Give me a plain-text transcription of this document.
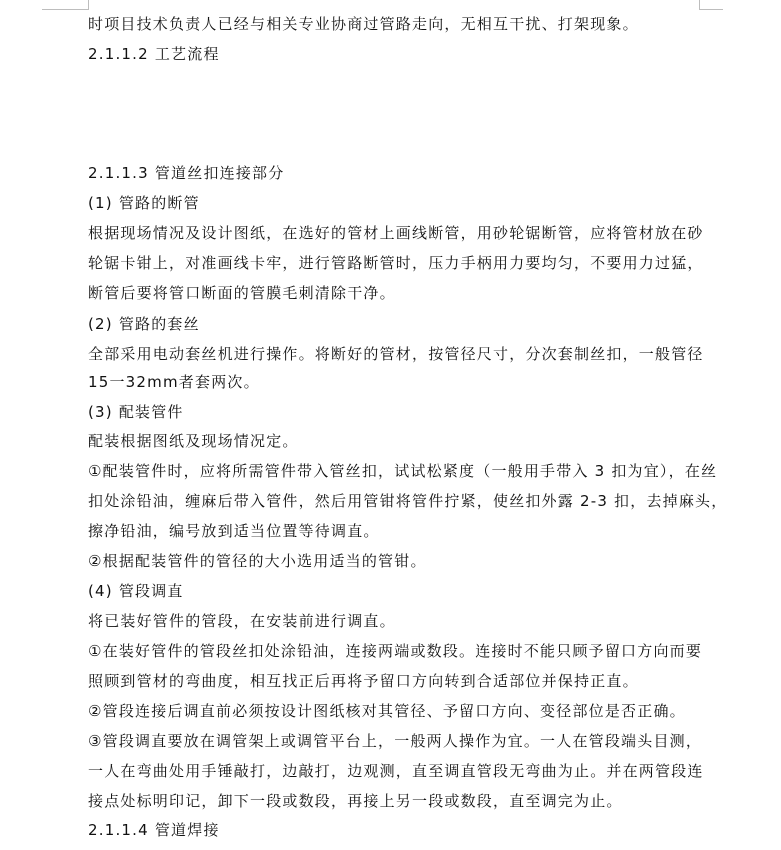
时项目技术负责人已经与相关专业协商过管路走向，无相互干扰、打架现象。
2.1.1.2 工艺流程
2.1.1.3 管道丝扣连接部分
(1) 管路的断管
根据现场情况及设计图纸，在选好的管材上画线断管，用砂轮锯断管，应将管材放在砂
轮锯卡钳上，对准画线卡牢，进行管路断管时，压力手柄用力要均匀，不要用力过猛，
断管后要将管口断面的管膜毛刺清除干净。
(2) 管路的套丝
全部采用电动套丝机进行操作。将断好的管材，按管径尺寸，分次套制丝扣，一般管径
15一32mm者套两次。
(3) 配装管件
配装根据图纸及现场情况定。
①配装管件时，应将所需管件带入管丝扣，试试松紧度（一般用手带入 3 扣为宜），在丝
扣处涂铅油，缠麻后带入管件，然后用管钳将管件拧紧，使丝扣外露 2-3 扣，去掉麻头，
擦净铅油，编号放到适当位置等待调直。
②根据配装管件的管径的大小选用适当的管钳。
(4) 管段调直
将已装好管件的管段，在安装前进行调直。
①在装好管件的管段丝扣处涂铅油，连接两端或数段。连接时不能只顾予留口方向而要
照顾到管材的弯曲度，相互找正后再将予留口方向转到合适部位并保持正直。
②管段连接后调直前必须按设计图纸核对其管径、予留口方向、变径部位是否正确。
③管段调直要放在调管架上或调管平台上，一般两人操作为宜。一人在管段端头目测，
一人在弯曲处用手锤敲打，边敲打，边观测，直至调直管段无弯曲为止。并在两管段连
接点处标明印记，卸下一段或数段，再接上另一段或数段，直至调完为止。
2.1.1.4 管道焊接
